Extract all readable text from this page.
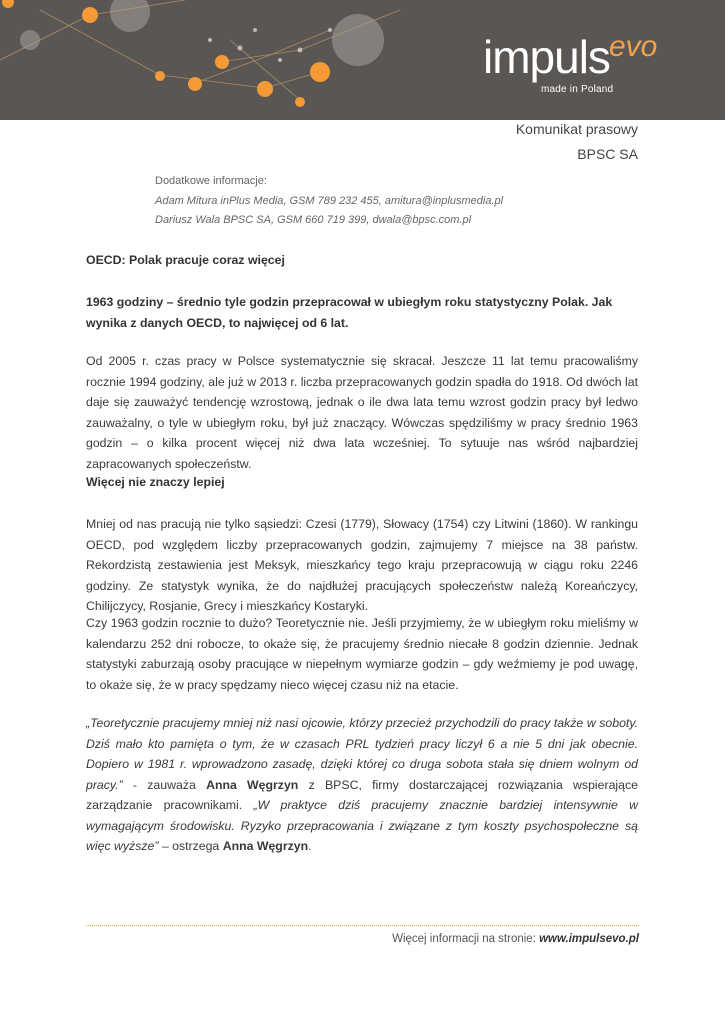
impuls evo
made in Poland
Komunikat prasowy
BPSC SA
Dodatkowe informacje:
Adam Mitura inPlus Media, GSM 789 232 455, amitura@inplusmedia.pl
Dariusz Wala BPSC SA, GSM 660 719 399, dwala@bpsc.com.pl
OECD: Polak pracuje coraz więcej
1963 godziny – średnio tyle godzin przepracował w ubiegłym roku statystyczny Polak. Jak wynika z danych OECD, to najwięcej od 6 lat.
Od 2005 r. czas pracy w Polsce systematycznie się skracał. Jeszcze 11 lat temu pracowaliśmy rocznie 1994 godziny, ale już w 2013 r. liczba przepracowanych godzin spadła do 1918. Od dwóch lat daje się zauważyć tendencję wzrostową, jednak o ile dwa lata temu wzrost godzin pracy był ledwo zauważalny, o tyle w ubiegłym roku, był już znaczący. Wówczas spędziliśmy w pracy średnio 1963 godzin – o kilka procent więcej niż dwa lata wcześniej. To sytuuje nas wśród najbardziej zapracowanych społeczeństw.
Więcej nie znaczy lepiej
Mniej od nas pracują nie tylko sąsiedzi: Czesi (1779), Słowacy (1754) czy Litwini (1860). W rankingu OECD, pod względem liczby przepracowanych godzin, zajmujemy 7 miejsce na 38 państw. Rekordzistą zestawienia jest Meksyk, mieszkańcy tego kraju przepracowują w ciągu roku 2246 godziny. Ze statystyk wynika, że do najdłużej pracujących społeczeństw należą Koreańczycy, Chilijczycy, Rosjanie, Grecy i mieszkańcy Kostaryki.
Czy 1963 godzin rocznie to dużo? Teoretycznie nie. Jeśli przyjmiemy, że w ubiegłym roku mieliśmy w kalendarzu 252 dni robocze, to okaże się, że pracujemy średnio niecałe 8 godzin dziennie. Jednak statystyki zaburzają osoby pracujące w niepełnym wymiarze godzin – gdy weźmiemy je pod uwagę, to okaże się, że w pracy spędzamy nieco więcej czasu niż na etacie.
„Teoretycznie pracujemy mniej niż nasi ojcowie, którzy przecież przychodzili do pracy także w soboty. Dziś mało kto pamięta o tym, że w czasach PRL tydzień pracy liczył 6 a nie 5 dni jak obecnie. Dopiero w 1981 r. wprowadzono zasadę, dzięki której co druga sobota stała się dniem wolnym od pracy.” - zauważa Anna Węgrzyn z BPSC, firmy dostarczającej rozwiązania wspierające zarządzanie pracownikami. „W praktyce dziś pracujemy znacznie bardziej intensywnie w wymagającym środowisku. Ryzyko przepracowania i związane z tym koszty psychospołeczne są więc wyższe” – ostrzega Anna Węgrzyn.
Więcej informacji na stronie: www.impulsevo.pl
